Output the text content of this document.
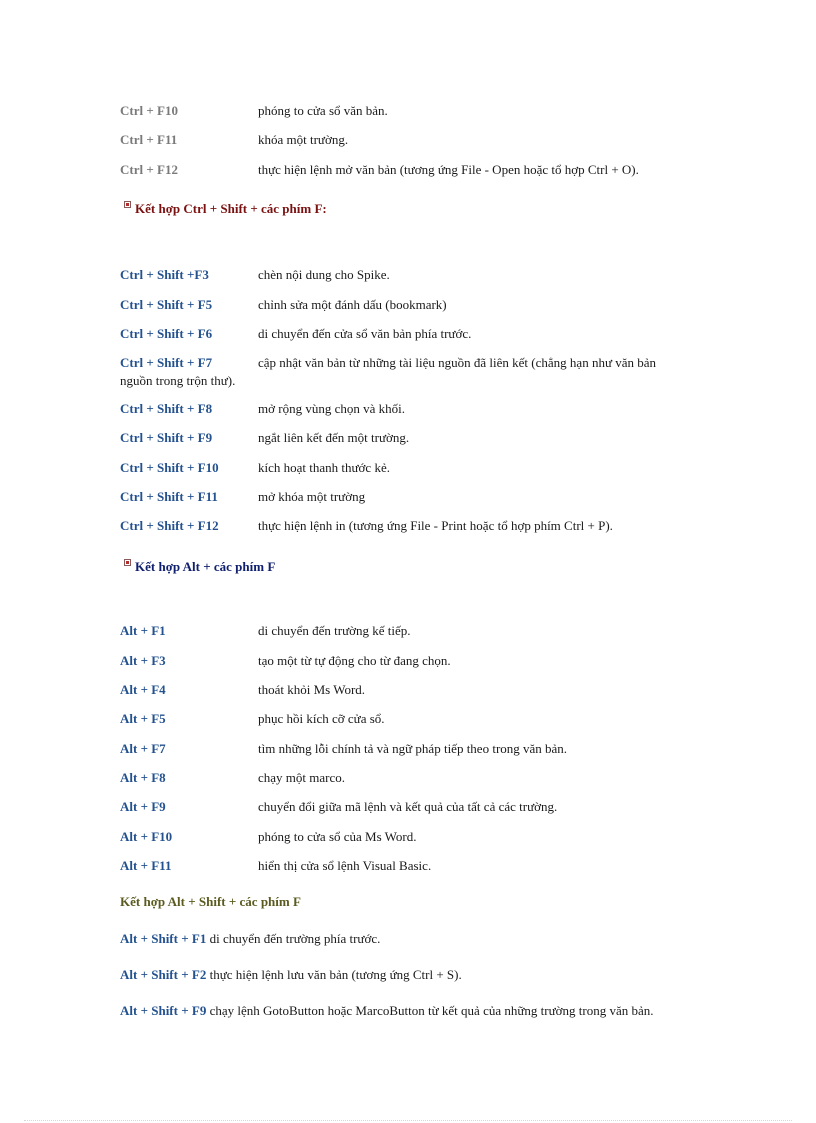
Ctrl + F10	phóng to cửa sổ văn bản.
Ctrl + F11	khóa một trường.
Ctrl + F12	thực hiện lệnh mở văn bản (tương ứng File - Open hoặc tổ hợp Ctrl + O).
Kết hợp Ctrl + Shift + các phím F:
Ctrl + Shift +F3	chèn nội dung cho Spike.
Ctrl + Shift + F5	chỉnh sửa một đánh dấu (bookmark)
Ctrl + Shift + F6	di chuyển đến cửa sổ văn bản phía trước.
Ctrl + Shift + F7	cập nhật văn bản từ những tài liệu nguồn đã liên kết (chẳng hạn như văn bản nguồn trong trộn thư).
Ctrl + Shift + F8	mở rộng vùng chọn và khối.
Ctrl + Shift + F9	ngắt liên kết đến một trường.
Ctrl + Shift + F10	kích hoạt thanh thước kẻ.
Ctrl + Shift + F11	mở khóa một trường
Ctrl + Shift + F12	thực hiện lệnh in (tương ứng File - Print hoặc tổ hợp phím Ctrl + P).
Kết hợp Alt + các phím F
Alt + F1	di chuyển đến trường kế tiếp.
Alt + F3	tạo một từ tự động cho từ đang chọn.
Alt + F4	thoát khỏi Ms Word.
Alt + F5	phục hồi kích cỡ cửa sổ.
Alt + F7	tìm những lỗi chính tả và ngữ pháp tiếp theo trong văn bản.
Alt + F8	chạy một marco.
Alt + F9	chuyển đổi giữa mã lệnh và kết quả của tất cả các trường.
Alt + F10	phóng to cửa sổ của Ms Word.
Alt + F11	hiển thị cửa sổ lệnh Visual Basic.
Kết hợp Alt + Shift + các phím F
Alt + Shift + F1 di chuyển đến trường phía trước.
Alt + Shift + F2 thực hiện lệnh lưu văn bản (tương ứng Ctrl + S).
Alt + Shift + F9 chạy lệnh GotoButton hoặc MarcoButton từ kết quả của những trường trong văn bản.
